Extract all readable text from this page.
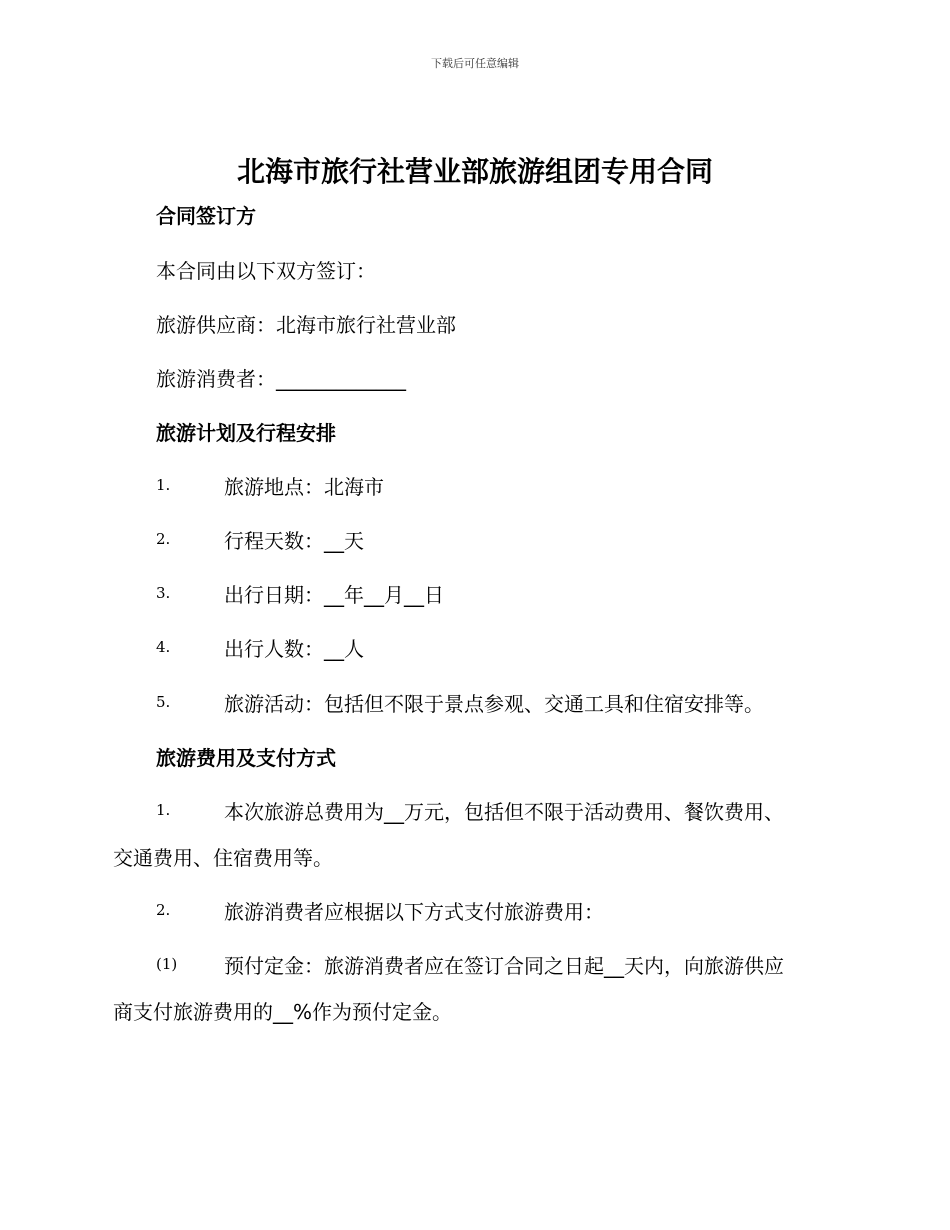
下载后可任意编辑
北海市旅行社营业部旅游组团专用合同
合同签订方
本合同由以下双方签订：
旅游供应商：北海市旅行社营业部
旅游消费者：_____________
旅游计划及行程安排
1.	旅游地点：北海市
2.	行程天数：__天
3.	出行日期：__年__月__日
4.	出行人数：__人
5.	旅游活动：包括但不限于景点参观、交通工具和住宿安排等。
旅游费用及支付方式
1.	本次旅游总费用为__万元，包括但不限于活动费用、餐饮费用、
交通费用、住宿费用等。
2.	旅游消费者应根据以下方式支付旅游费用：
(1) 预付定金：旅游消费者应在签订合同之日起__天内，向旅游供应
商支付旅游费用的__%作为预付定金。
